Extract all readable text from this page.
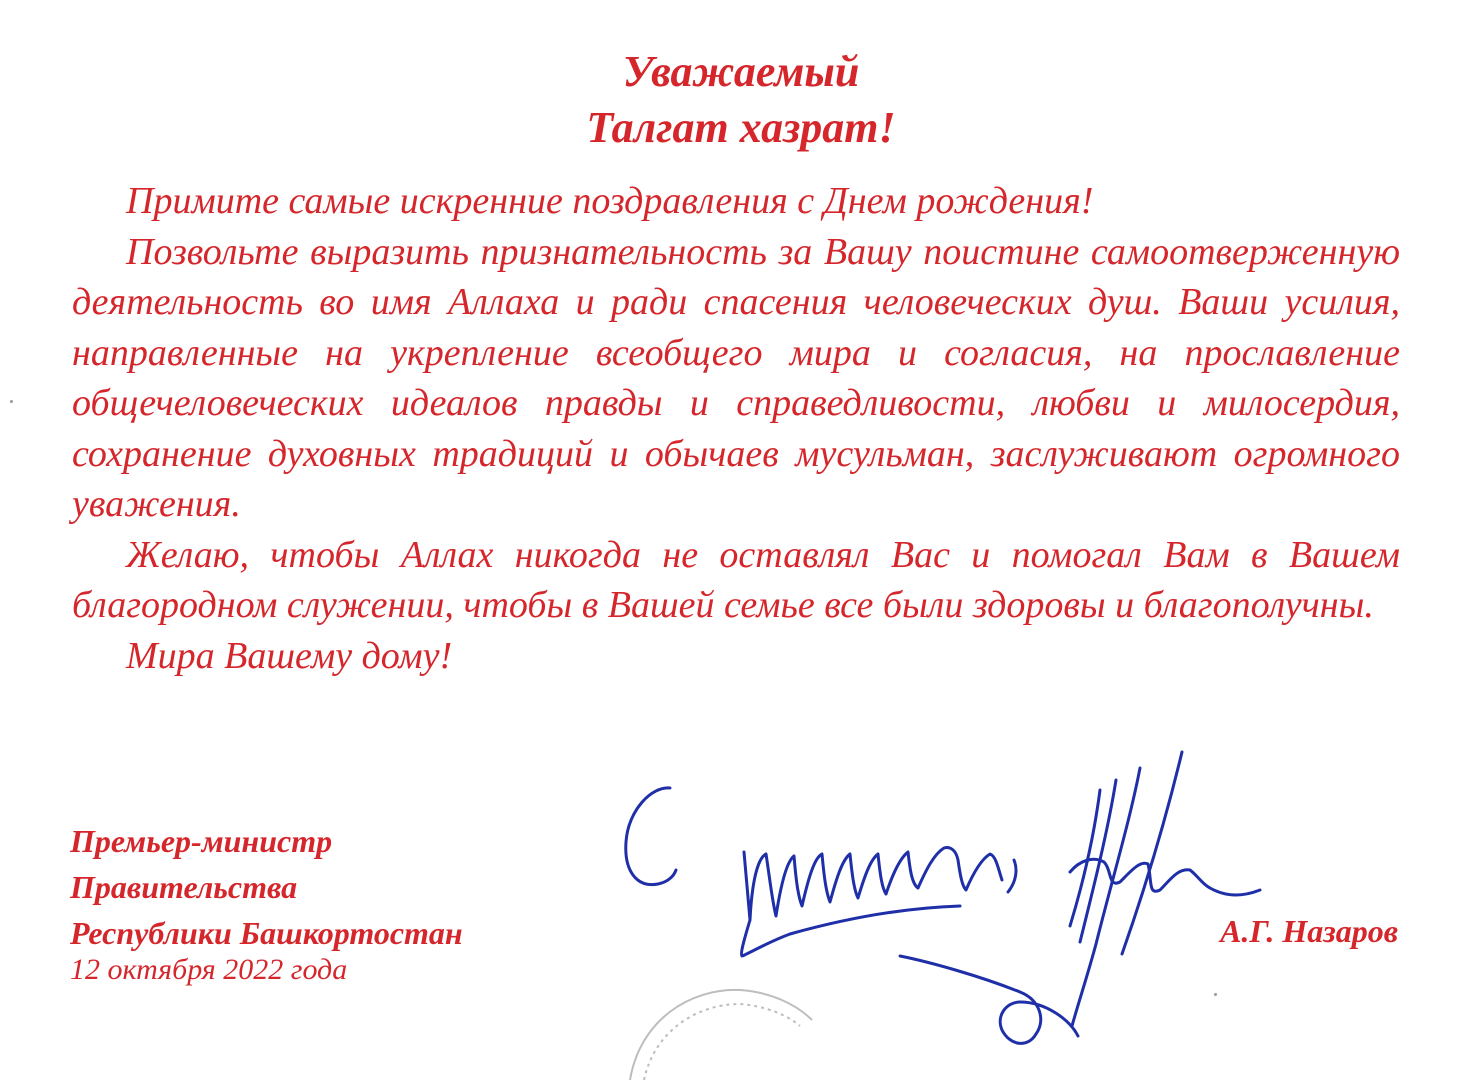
Уважаемый
Талгат хазрат!

Примите самые искренние поздравления с Днем рождения!

Позвольте выразить признательность за Вашу поистине самоотверженную деятельность во имя Аллаха и ради спасения человеческих душ. Ваши усилия, направленные на укрепление всеобщего мира и согласия, на прославление общечеловеческих идеалов правды и справедливости, любви и милосердия, сохранение духовных традиций и обычаев мусульман, заслуживают огромного уважения.

Желаю, чтобы Аллах никогда не оставлял Вас и помогал Вам в Вашем благородном служении, чтобы в Вашей семье все были здоровы и благополучны.

Мира Вашему дому!

Премьер-министр
Правительства
Республики Башкортостан
12 октября 2022 года
А.Г. Назаров
